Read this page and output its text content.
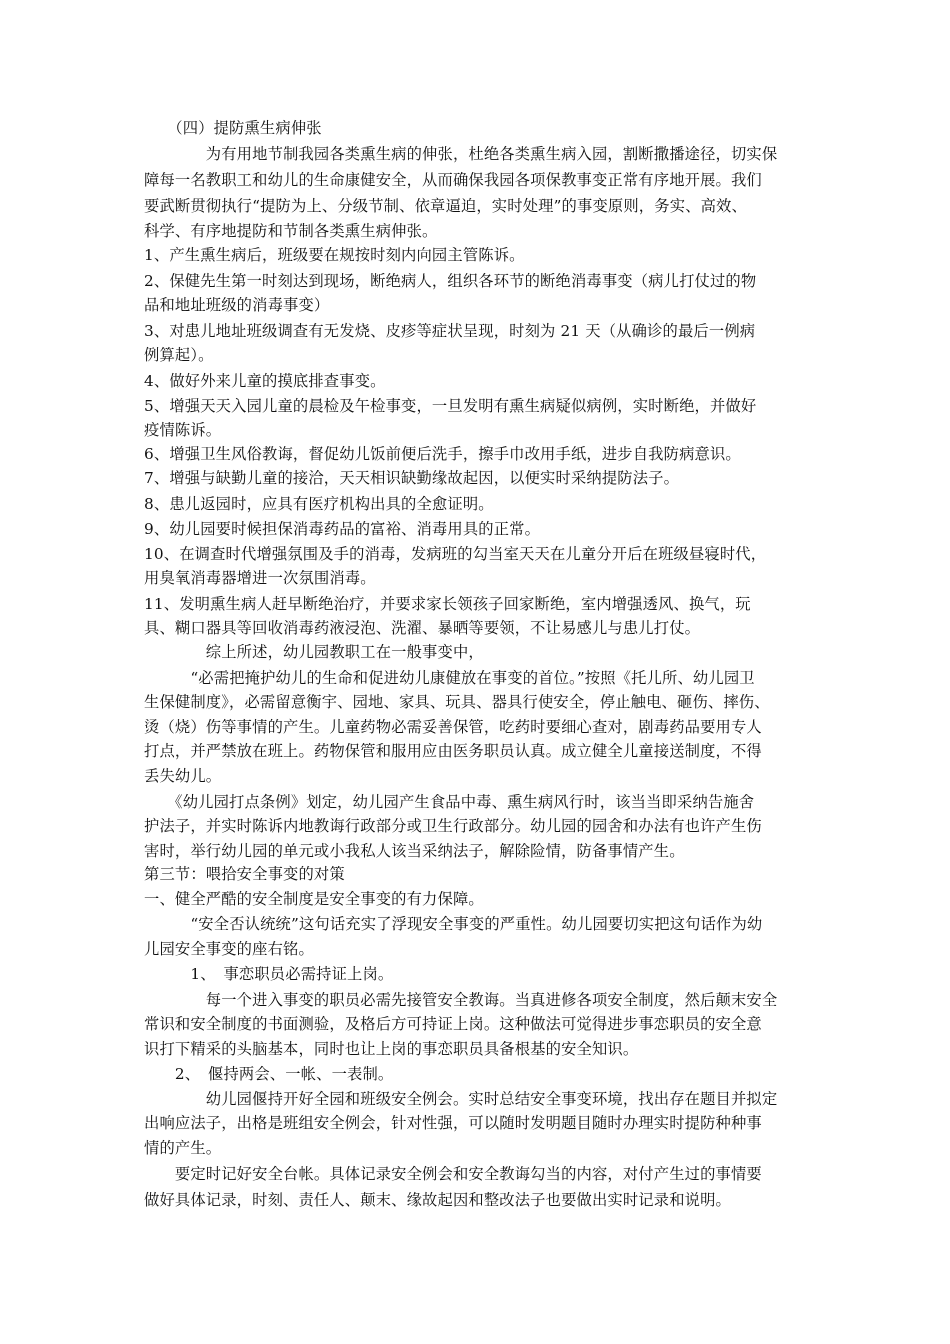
　　（四）提防熏生病伸张
　　　　为有用地节制我园各类熏生病的伸张，杜绝各类熏生病入园，割断撒播途径，切实保
障每一名教职工和幼儿的生命康健安全，从而确保我园各项保教事变正常有序地开展。我们
要武断贯彻执行“提防为上、分级节制、依章逼迫，实时处理”的事变原则，务实、高效、
科学、有序地提防和节制各类熏生病伸张。
1、产生熏生病后，班级要在规按时刻内向园主管陈诉。
2、保健先生第一时刻达到现场，断绝病人，组织各环节的断绝消毒事变（病儿打仗过的物
品和地址班级的消毒事变）
3、对患儿地址班级调查有无发烧、皮疹等症状呈现，时刻为 21 天（从确诊的最后一例病
例算起）。
4、做好外来儿童的摸底排查事变。
5、增强天天入园儿童的晨检及午检事变，一旦发明有熏生病疑似病例，实时断绝，并做好
疫情陈诉。
6、增强卫生风俗教诲，督促幼儿饭前便后洗手，擦手巾改用手纸，进步自我防病意识。
7、增强与缺勤儿童的接洽，天天相识缺勤缘故起因，以便实时采纳提防法子。
8、患儿返园时，应具有医疗机构出具的全愈证明。
9、幼儿园要时候担保消毒药品的富裕、消毒用具的正常。
10、在调查时代增强氛围及手的消毒，发病班的勾当室天天在儿童分开后在班级昼寝时代，
用臭氧消毒器增进一次氛围消毒。
11、发明熏生病人赶早断绝治疗，并要求家长领孩子回家断绝，室内增强透风、换气，玩
具、糊口器具等回收消毒药液浸泡、洗濯、暴晒等要领，不让易感儿与患儿打仗。
　　　　综上所述，幼儿园教职工在一般事变中，
　　　“必需把掩护幼儿的生命和促进幼儿康健放在事变的首位。”按照《托儿所、幼儿园卫
生保健制度》，必需留意衡宇、园地、家具、玩具、器具行使安全，停止触电、砸伤、摔伤、
烫（烧）伤等事情的产生。儿童药物必需妥善保管，吃药时要细心查对，剧毒药品要用专人
打点，并严禁放在班上。药物保管和服用应由医务职员认真。成立健全儿童接送制度，不得
丢失幼儿。
　　《幼儿园打点条例》划定，幼儿园产生食品中毒、熏生病风行时，该当当即采纳告施舍
护法子，并实时陈诉内地教诲行政部分或卫生行政部分。幼儿园的园舍和办法有也许产生伤
害时，举行幼儿园的单元或小我私人该当采纳法子，解除险情，防备事情产生。
第三节：喂拾安全事变的对策
一、健全严酷的安全制度是安全事变的有力保障。
　　　“安全否认统统”这句话充实了浮现安全事变的严重性。幼儿园要切实把这句话作为幼
儿园安全事变的座右铭。
　　　1、　事恋职员必需持证上岗。
　　　　每一个进入事变的职员必需先接管安全教诲。当真进修各项安全制度，然后颠末安全
常识和安全制度的书面测验，及格后方可持证上岗。这种做法可觉得进步事恋职员的安全意
识打下精采的头脑基本，同时也让上岗的事恋职员具备根基的安全知识。
　　2、　偃持两会、一帐、一表制。
　　　　幼儿园偃持开好全园和班级安全例会。实时总结安全事变环境，找出存在题目并拟定
出响应法子，出格是班组安全例会，针对性强，可以随时发明题目随时办理实时提防种种事
情的产生。
　　要定时记好安全台帐。具体记录安全例会和安全教诲勾当的内容，对付产生过的事情要
做好具体记录，时刻、责任人、颠末、缘故起因和整改法子也要做出实时记录和说明。
